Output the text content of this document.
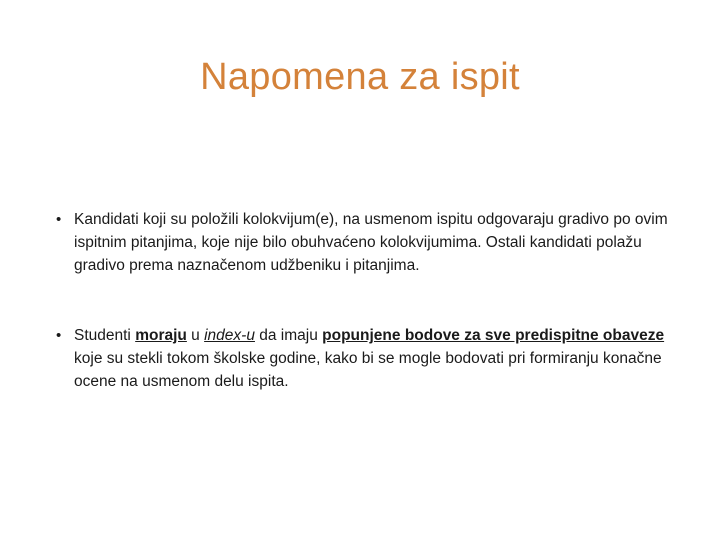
Napomena za ispit
• Kandidati koji su položili kolokvijum(e), na usmenom ispitu odgovaraju gradivo po ovim ispitnim pitanjima, koje nije bilo obuhvaćeno kolokvijumima. Ostali kandidati polažu gradivo prema naznačenom udžbeniku i pitanjima.
• Studenti moraju u index-u da imaju popunjene bodove za sve predispitne obaveze koje su stekli tokom školske godine, kako bi se mogle bodovati pri formiranju konačne ocene na usmenom delu ispita.
